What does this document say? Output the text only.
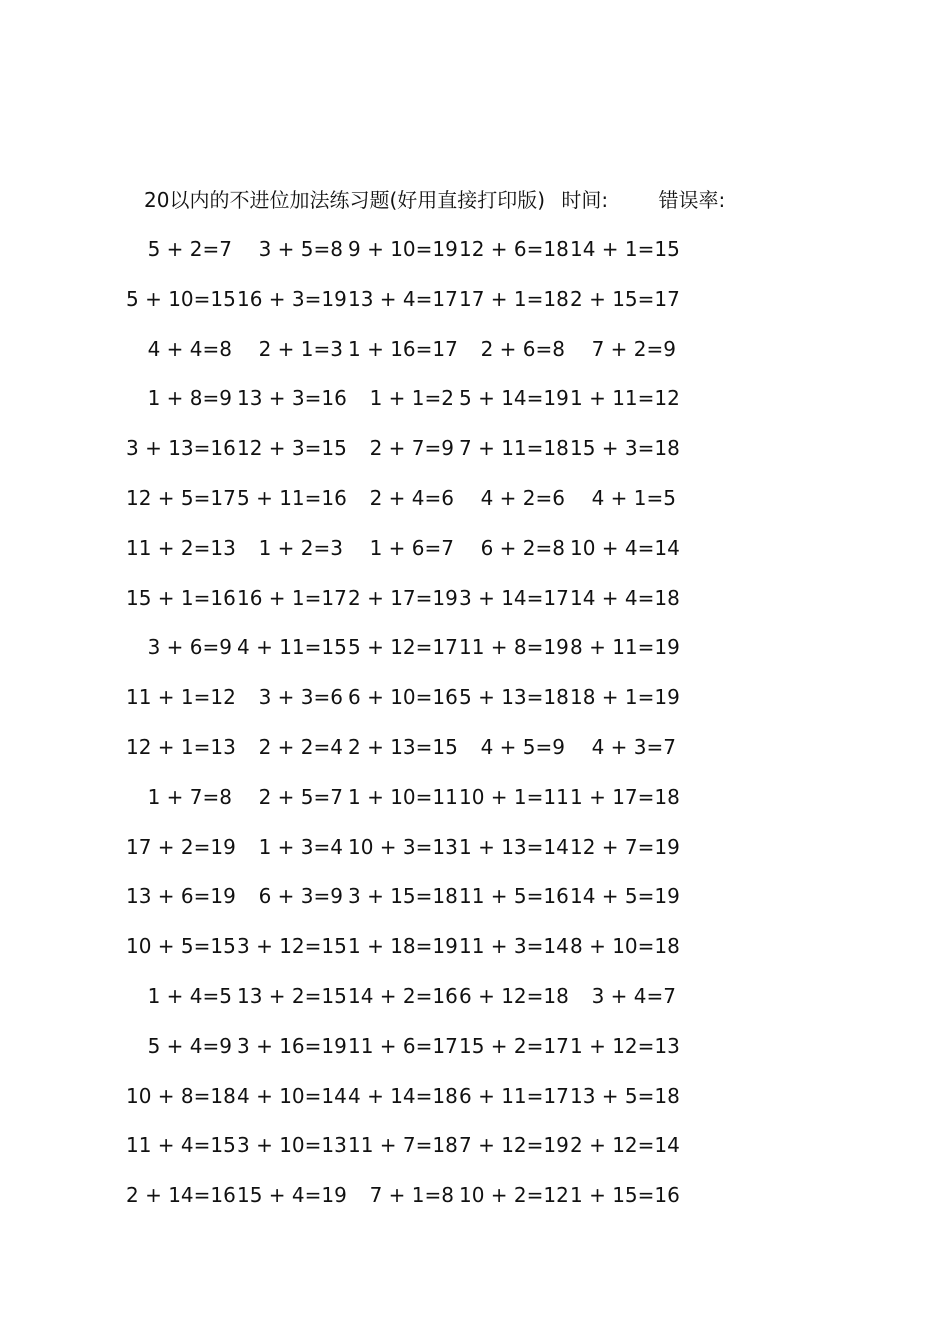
20以内的不进位加法练习题(好用直接打印版) 时间:	错误率:
5 + 2=7	3 + 5=8 9 + 10=19 12 + 6=18 14 + 1=15
5 + 10=15 16 + 3=19 13 + 4=17 17 + 1=18 2 + 15=17
4 + 4=8	2 + 1=3 1 + 16=17	2 + 6=8	7 + 2=9
1 + 8=9 13 + 3=16	1 + 1=2 5 + 14=19 1 + 11=12
3 + 13=16 12 + 3=15	2 + 7=9 7 + 11=18 15 + 3=18
12 + 5=17 5 + 11=16	2 + 4=6	4 + 2=6	4 + 1=5
11 + 2=13	1 + 2=3	1 + 6=7	6 + 2=8 10 + 4=14
15 + 1=16 16 + 1=17 2 + 17=19 3 + 14=17 14 + 4=18
3 + 6=9 4 + 11=15 5 + 12=17 11 + 8=19 8 + 11=19
11 + 1=12	3 + 3=6 6 + 10=16 5 + 13=18 18 + 1=19
12 + 1=13	2 + 2=4 2 + 13=15	4 + 5=9	4 + 3=7
1 + 7=8	2 + 5=7 1 + 10=11 10 + 1=11 1 + 17=18
17 + 2=19	1 + 3=4 10 + 3=13 1 + 13=14 12 + 7=19
13 + 6=19	6 + 3=9 3 + 15=18 11 + 5=16 14 + 5=19
10 + 5=15 3 + 12=15 1 + 18=19 11 + 3=14 8 + 10=18
1 + 4=5 13 + 2=15 14 + 2=16 6 + 12=18	3 + 4=7
5 + 4=9 3 + 16=19 11 + 6=17 15 + 2=17 1 + 12=13
10 + 8=18 4 + 10=14 4 + 14=18 6 + 11=17 13 + 5=18
11 + 4=15 3 + 10=13 11 + 7=18 7 + 12=19 2 + 12=14
2 + 14=16 15 + 4=19	7 + 1=8 10 + 2=12 1 + 15=16
